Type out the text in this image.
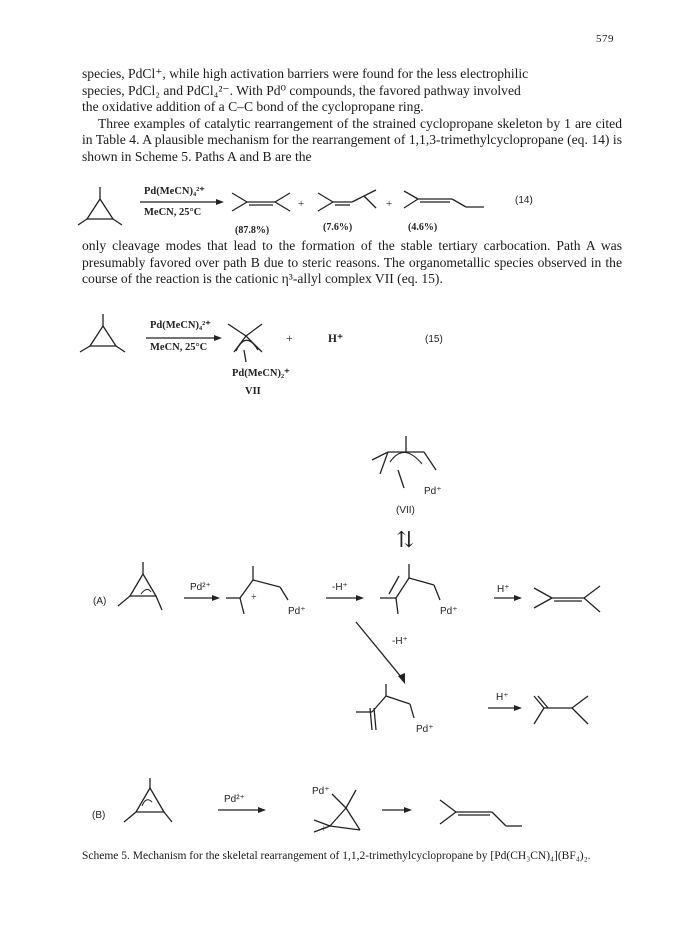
579

species, PdCl⁺, while high activation barriers were found for the less electrophilic

species, PdCl₂ and PdCl₄²⁻. With Pd⁰ compounds, the favored pathway involved

the oxidative addition of a C–C bond of the cyclopropane ring.

Three examples of catalytic rearrangement of the strained cyclopropane skeleton by 1 are cited in Table 4. A plausible mechanism for the rearrangement of 1,1,3-trimethylcyclopropane (eq. 14) is shown in Scheme 5. Paths A and B are the

only cleavage modes that lead to the formation of the stable tertiary carbocation. Path A was presumably favored over path B due to steric reasons. The organometallic species observed in the course of the reaction is the cationic η³-allyl complex VII (eq. 15).

Pd(MeCN)₄²⁺
MeCN, 25°C
+	+
(87.8%)	(7.6%)	(4.6%)
(14)
Pd(MeCN)₄²⁺
MeCN, 25°C
Pd(MeCN)₂⁺
VII
+	H⁺	(15)
Pd⁺
(VII)
⇅
(A)
Pd²⁺
+
Pd⁺
-H⁺
Pd⁺
H⁺
-H⁺
Pd⁺
H⁺
(B)
Pd²⁺
Pd⁺
+
Scheme 5. Mechanism for the skeletal rearrangement of 1,1,2-trimethylcyclopropane by [Pd(CH₃CN)₄](BF₄)₂.
